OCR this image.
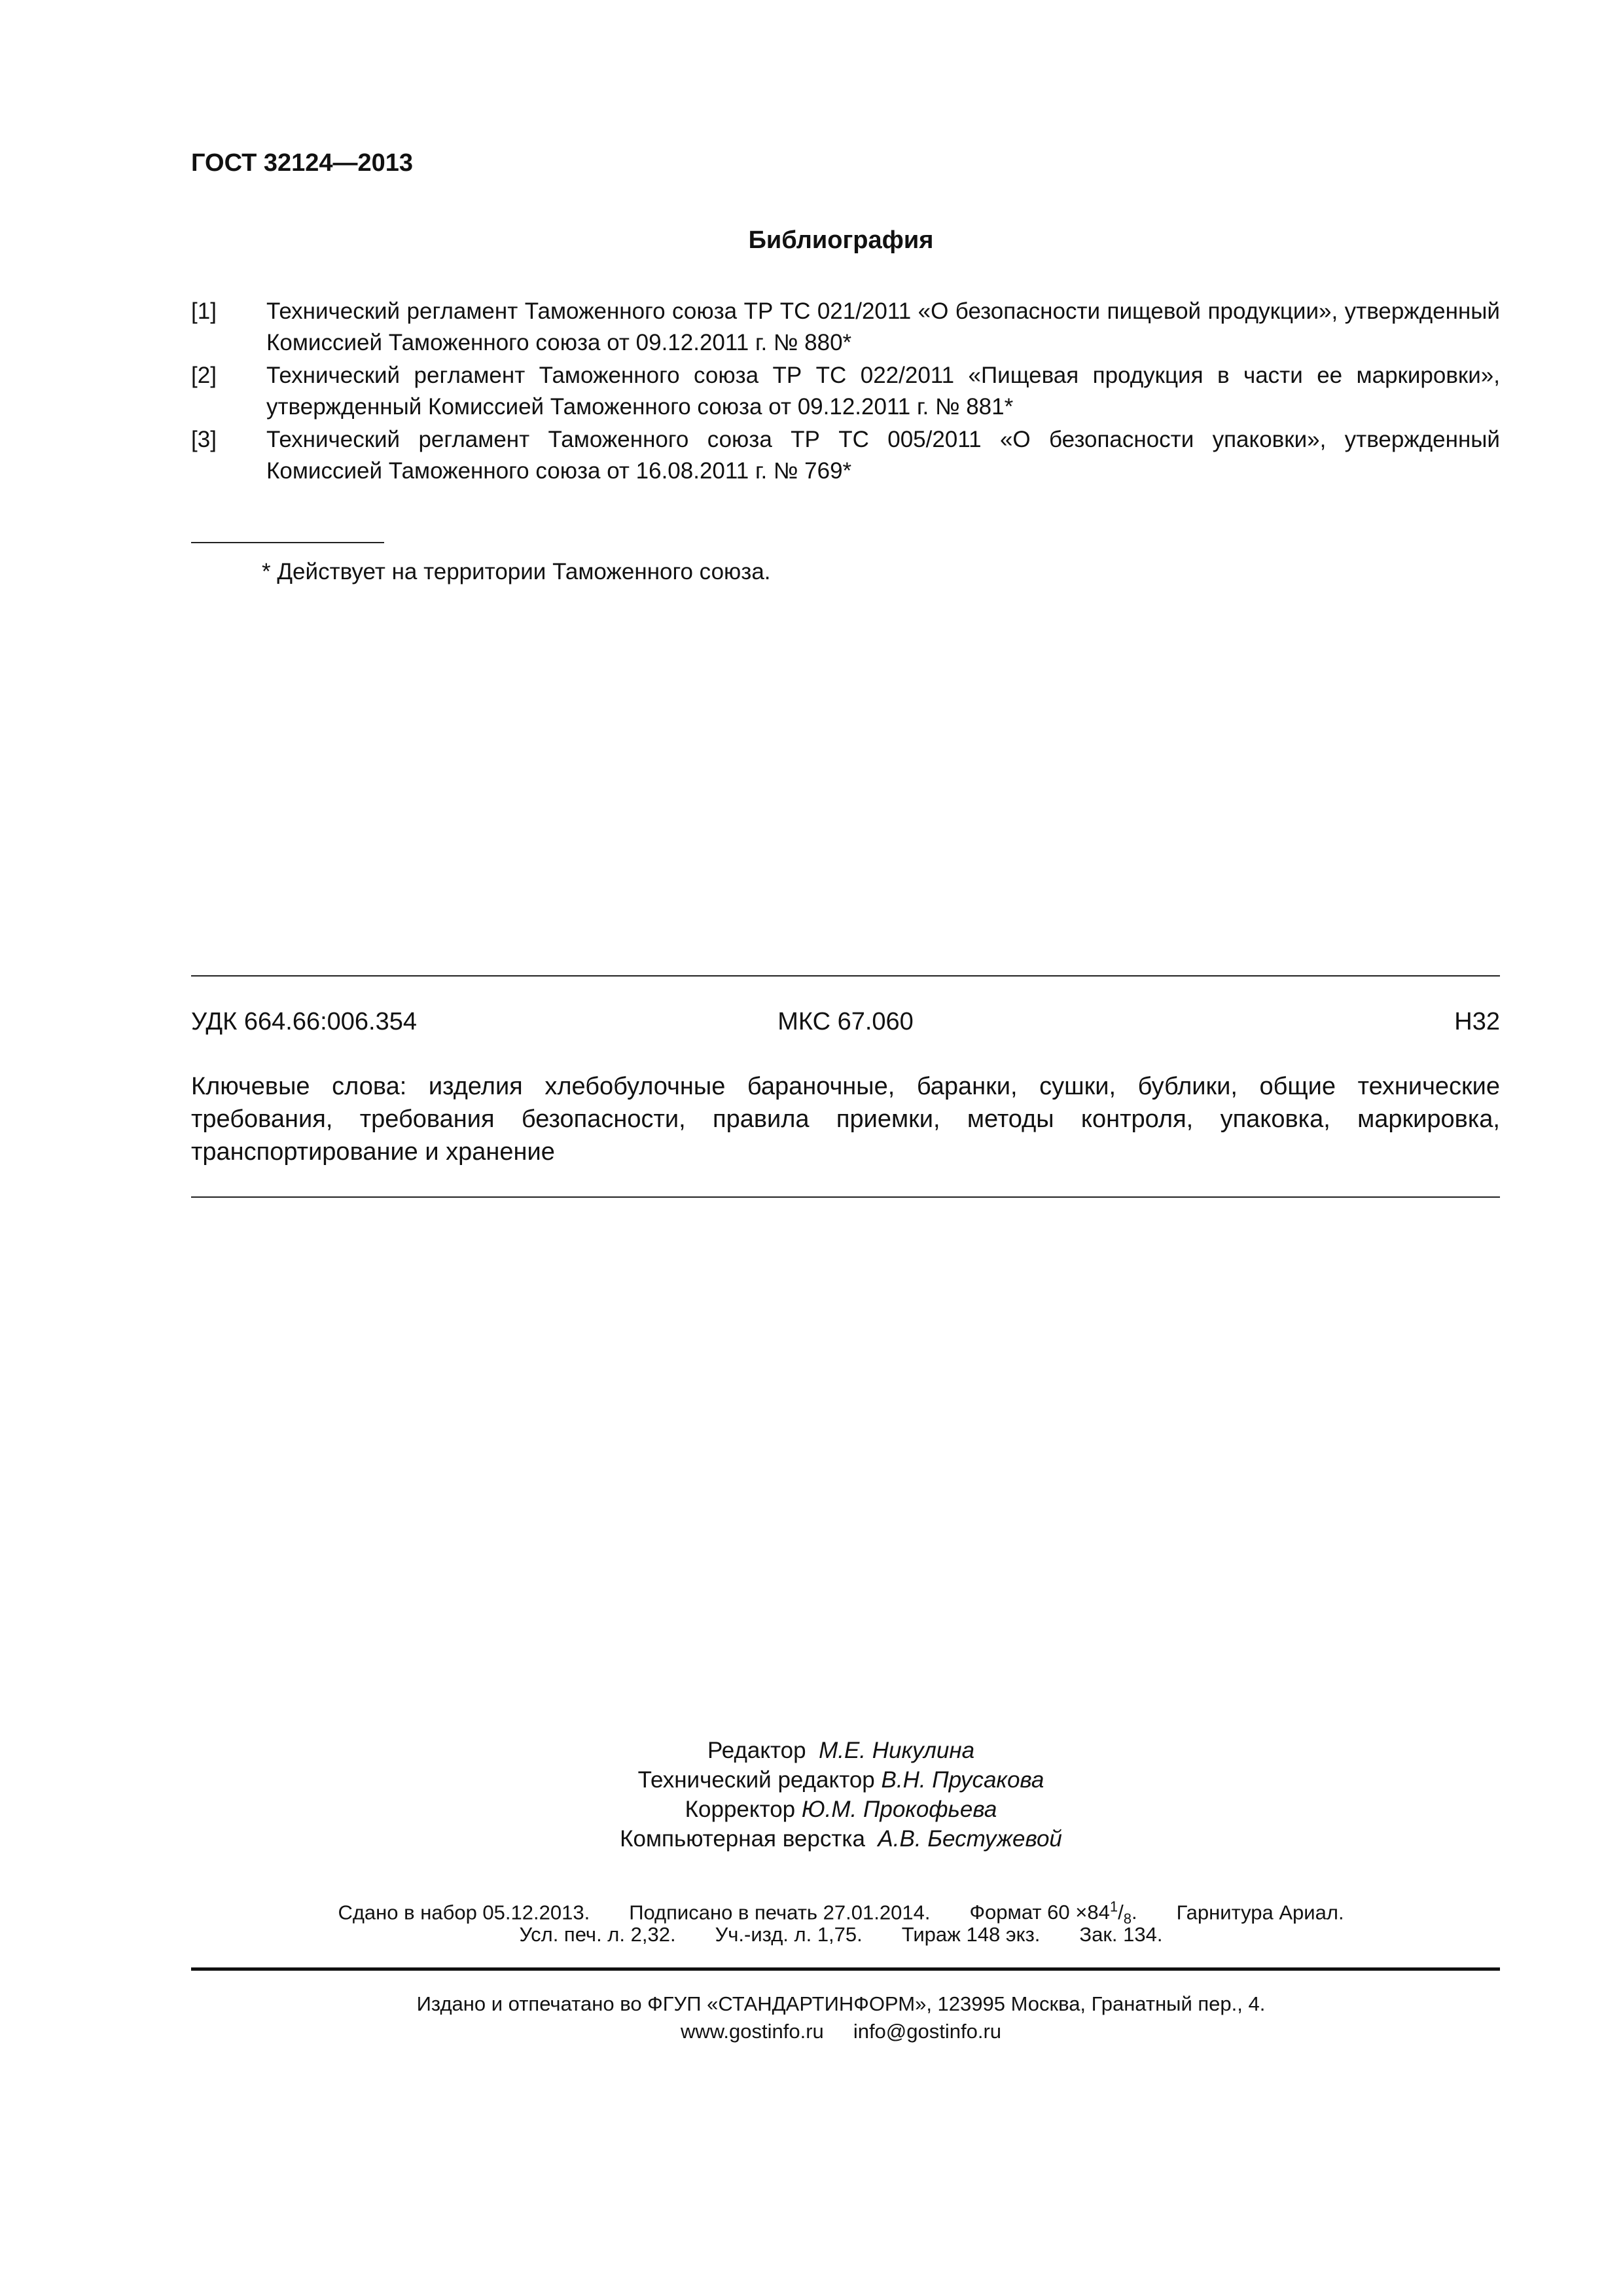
ГОСТ 32124—2013
Библиография
[1] Технический регламент Таможенного союза ТР ТС 021/2011 «О безопасности пищевой продукции», утвержденный Комиссией Таможенного союза от 09.12.2011 г. № 880*
[2] Технический регламент Таможенного союза ТР ТС 022/2011 «Пищевая продукция в части ее маркировки», утвержденный Комиссией Таможенного союза от 09.12.2011 г. № 881*
[3] Технический регламент Таможенного союза ТР ТС 005/2011 «О безопасности упаковки», утвержденный Комиссией Таможенного союза от 16.08.2011 г. № 769*
* Действует на территории Таможенного союза.
УДК 664.66:006.354	МКС 67.060	Н32
Ключевые слова: изделия хлебобулочные бараночные, баранки, сушки, бублики, общие технические требования, требования безопасности, правила приемки, методы контроля, упаковка, маркировка, транспортирование и хранение
Редактор М.Е. Никулина
Технический редактор В.Н. Прусакова
Корректор Ю.М. Прокофьева
Компьютерная верстка А.В. Бестужевой
Сдано в набор 05.12.2013. Подписано в печать 27.01.2014. Формат $60 \times 84^1/_8$. Гарнитура Ариал.
Усл. печ. л. 2,32. Уч.-изд. л. 1,75. Тираж 148 экз. Зак. 134.
Издано и отпечатано во ФГУП «СТАНДАРТИНФОРМ», 123995 Москва, Гранатный пер., 4.
www.gostinfo.ru info@gostinfo.ru
